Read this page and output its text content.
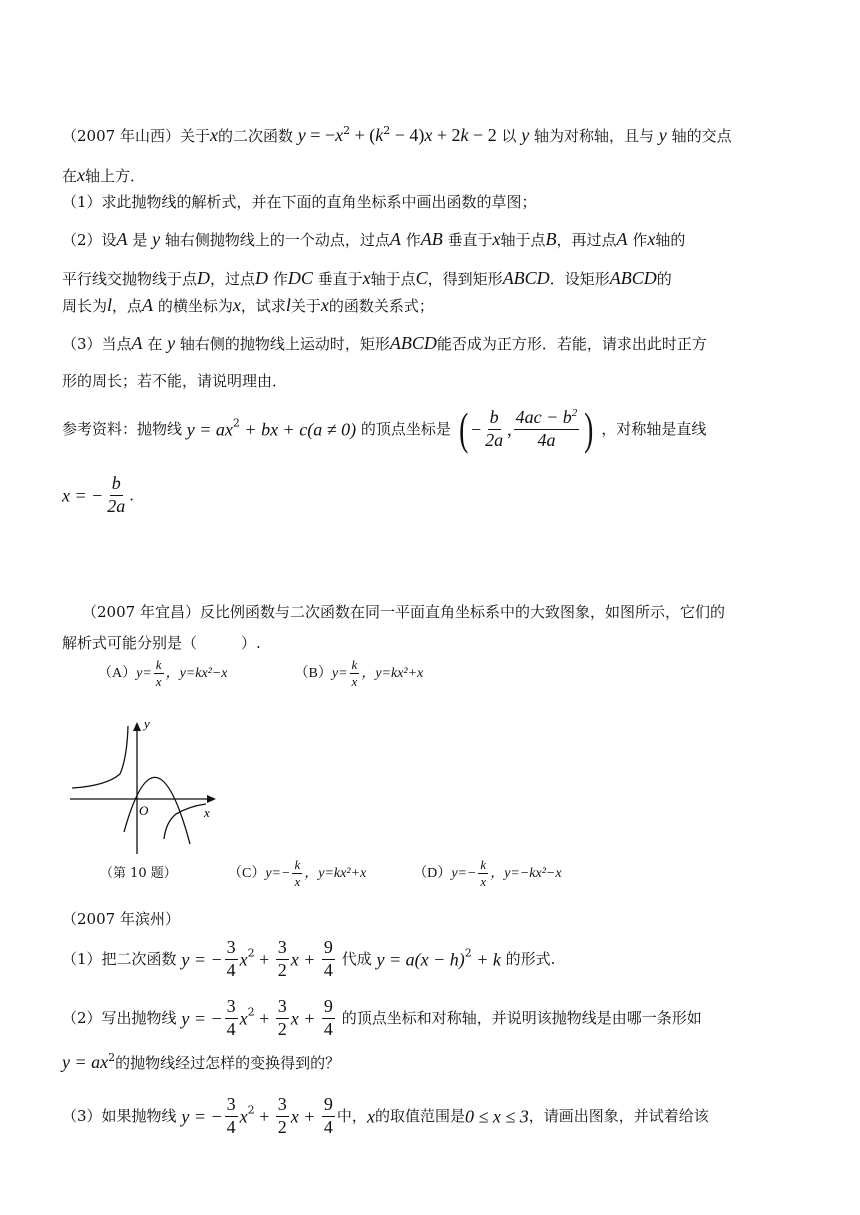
（2007 年山西）关于x的二次函数 $y = -x^2 + (k^2 - 4)x + 2k - 2$ 以 y 轴为对称轴，且与 y 轴的交点
在x轴上方．
（1）求此抛物线的解析式，并在下面的直角坐标系中画出函数的草图；
（2）设A 是 y 轴右侧抛物线上的一个动点，过点A 作AB 垂直于x轴于点B，再过点A 作x轴的
平行线交抛物线于点D，过点D 作DC 垂直于x轴于点C，得到矩形ABCD．设矩形ABCD的
周长为l，点A 的横坐标为x，试求l关于x的函数关系式；
（3）当点A 在 y 轴右侧的抛物线上运动时，矩形ABCD能否成为正方形．若能，请求出此时正方
形的周长；若不能，请说明理由．
参考资料：抛物线 $y = ax^2$ + bx + c(a ≠ 0) 的顶点坐标是 ( − $\frac{b}{2a}$ , $\frac{4ac - b^2}{4a}$ ) ，对称轴是直线
x = − $\frac{b}{2a}$ ．
（2007 年宜昌）反比例函数与二次函数在同一平面直角坐标系中的大致图象，如图所示，它们的
解析式可能分别是（	）.
$(A)y= \frac{k}{x}$ ，y=kx²−x	$(B)y= \frac{k}{x}$ ，y=kx²+x
y
x
O
（第 10 题）	$(C)y=- \frac{k}{x}$ ，y=kx²+x	$(D)y=- \frac{k}{x}$ ，y=−kx²−x
（2007 年滨州）
（1）把二次函数 y = − $\frac{3}{4} x^2 + \frac{3}{2}$ $x + \frac{9}{4}$ 代成 $y = a(x - h)^2 + k$ 的形式.
（2）写出抛物线 y = − $\frac{3}{4} x^2 + \frac{3}{2}$ $x + \frac{9}{4}$ 的顶点坐标和对称轴，并说明该抛物线是由哪一条形如
$y = ax^2$的抛物线经过怎样的变换得到的？
（3）如果抛物线 y = − $\frac{3}{4} x^2 + \frac{3}{2}$ $x + \frac{9}{4}$ 中，x的取值范围是0 ≤ x ≤ 3，请画出图象，并试着给该
